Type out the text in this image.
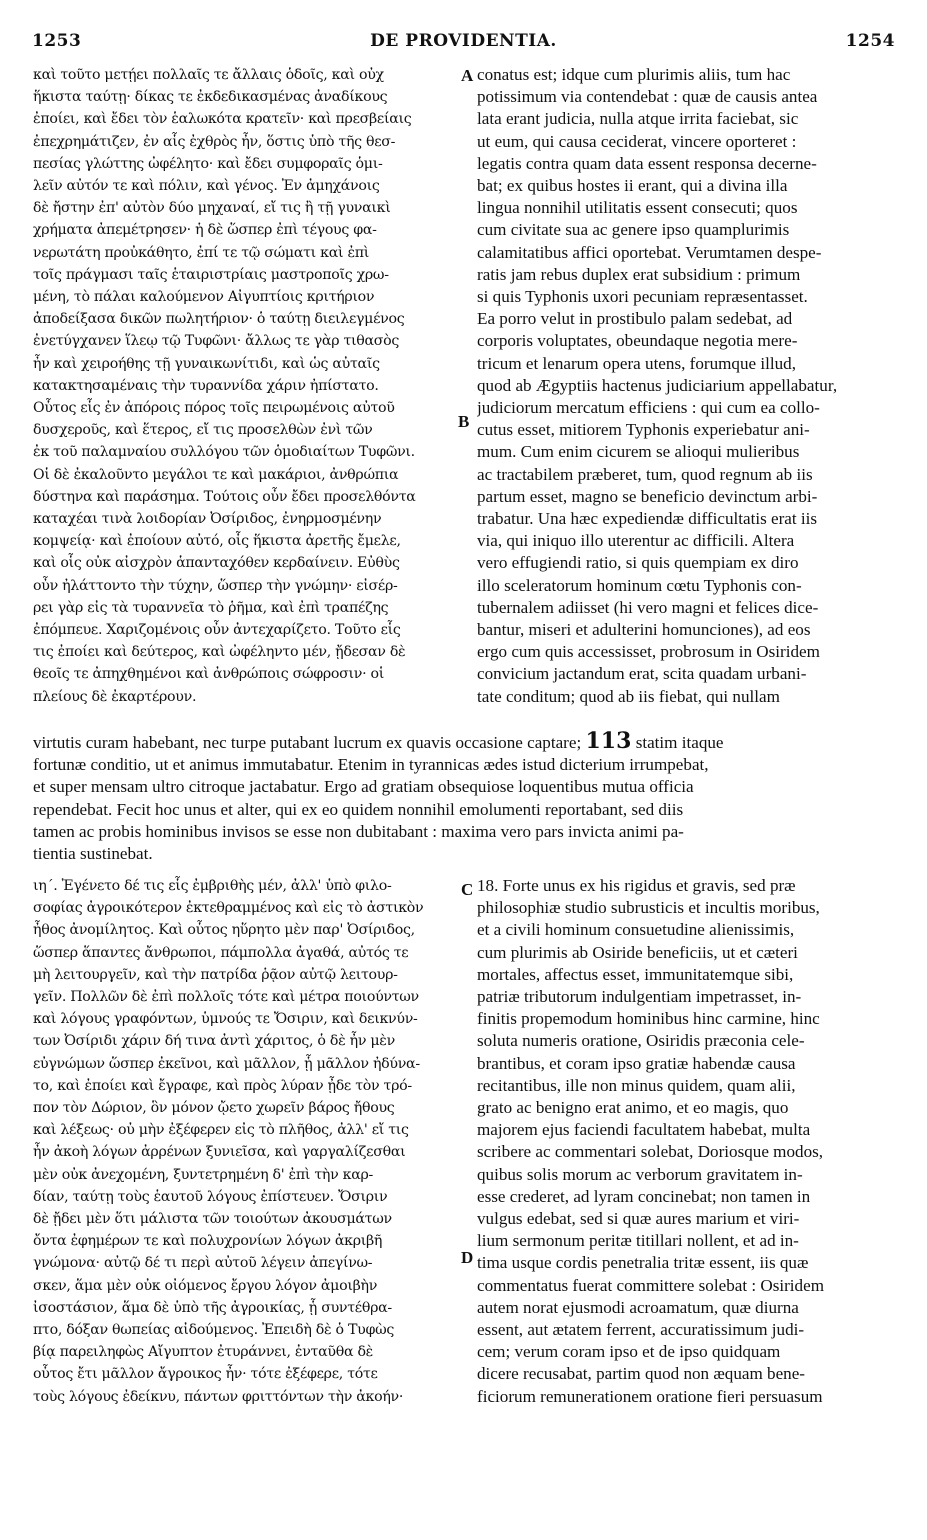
1253	DE PROVIDENTIA.	1254

καὶ τοῦτο μετῄει πολλαῖς τε ἄλλαις ὁδοῖς, καὶ οὐχ

ἥκιστα ταύτῃ· δίκας τε ἐκδεδικασμένας ἀναδίκους

ἐποίει, καὶ ἔδει τὸν ἑαλωκότα κρατεῖν· καὶ πρεσβείαις

ἐπεχρημάτιζεν, ἐν αἷς ἐχθρὸς ἦν, ὅστις ὑπὸ τῆς θεσ-

πεσίας γλώττης ὠφέλητο· καὶ ἔδει συμφοραῖς ὁμι-

λεῖν αὐτόν τε καὶ πόλιν, καὶ γένος. Ἐν ἀμηχάνοις

δὲ ἤστην ἐπ' αὐτὸν δύο μηχαναί, εἴ τις ἢ τῇ γυναικὶ

χρήματα ἀπεμέτρησεν· ἡ δὲ ὥσπερ ἐπὶ τέγους φα-

νερωτάτη προὐκάθητο, ἐπί τε τῷ σώματι καὶ ἐπὶ

τοῖς πράγμασι ταῖς ἑταιριστρίαις μαστροποῖς χρω-

μένη, τὸ πάλαι καλούμενον Αἰγυπτίοις κριτήριον

ἀποδείξασα δικῶν πωλητήριον· ὁ ταύτῃ διειλεγμένος

ἐνετύγχανεν ἵλεῳ τῷ Τυφῶνι· ἄλλως τε γὰρ τιθασὸς

ἦν καὶ χειροήθης τῇ γυναικωνίτιδι, καὶ ὡς αὐταῖς

κατακτησαμέναις τὴν τυραννίδα χάριν ἠπίστατο.

Οὗτος εἷς ἐν ἀπόροις πόρος τοῖς πειρωμένοις αὐτοῦ

δυσχεροῦς, καὶ ἕτερος, εἴ τις προσελθὼν ἐνὶ τῶν

ἐκ τοῦ παλαμναίου συλλόγου τῶν ὁμοδιαίτων Τυφῶνι.

Οἱ δὲ ἐκαλοῦντο μεγάλοι τε καὶ μακάριοι, ἀνθρώπια

δύστηνα καὶ παράσημα. Τούτοις οὖν ἔδει προσελθόντα

καταχέαι τινὰ λοιδορίαν Ὀσίριδος, ἐνηρμοσμένην

κομψείᾳ· καὶ ἐποίουν αὐτό, οἷς ἥκιστα ἀρετῆς ἔμελε,

καὶ οἷς οὐκ αἰσχρὸν ἁπανταχόθεν κερδαίνειν. Εὐθὺς

οὖν ἠλάττοντο τὴν τύχην, ὥσπερ τὴν γνώμην· εἰσέρ-

ρει γὰρ εἰς τὰ τυραννεῖα τὸ ῥῆμα, καὶ ἐπὶ τραπέζης

ἐπόμπευε. Χαριζομένοις οὖν ἀντεχαρίζετο. Τοῦτο εἷς

τις ἐποίει καὶ δεύτερος, καὶ ὠφέληντο μέν, ᾔδεσαν δὲ

θεοῖς τε ἀπηχθημένοι καὶ ἀνθρώποις σώφροσιν· οἱ

πλείους δὲ ἐκαρτέρουν.

conatus est; idque cum plurimis aliis, tum hac

potissimum via contendebat : quæ de causis antea

lata erant judicia, nulla atque irrita faciebat, sic

ut eum, qui causa ceciderat, vincere oporteret :

legatis contra quam data essent responsa decerne-

bat; ex quibus hostes ii erant, qui a divina illa

lingua nonnihil utilitatis essent consecuti; quos

cum civitate sua ac genere ipso quamplurimis

calamitatibus affici oportebat. Verumtamen despe-

ratis jam rebus duplex erat subsidium : primum

si quis Typhonis uxori pecuniam repræsentasset.

Ea porro velut in prostibulo palam sedebat, ad

corporis voluptates, obeundaque negotia mere-

tricum et lenarum opera utens, forumque illud,

quod ab Ægyptiis hactenus judiciarium appellabatur,

judiciorum mercatum efficiens : qui cum ea collo-

cutus esset, mitiorem Typhonis experiebatur ani-

mum. Cum enim cicurem se alioqui mulieribus

ac tractabilem præberet, tum, quod regnum ab iis

partum esset, magno se beneficio devinctum arbi-

trabatur. Una hæc expediendæ difficultatis erat iis

via, qui iniquo illo uterentur ac difficili. Altera

vero effugiendi ratio, si quis quempiam ex diro

illo sceleratorum hominum cœtu Typhonis con-

tubernalem adiisset (hi vero magni et felices dice-

bantur, miseri et adulterini homunciones), ad eos

ergo cum quis accessisset, probrosum in Osiridem

convicium jactandum erat, scita quadam urbani-

tate conditum; quod ab iis fiebat, qui nullam

A
B
C
D

virtutis curam habebant, nec turpe putabant lucrum ex quavis occasione captare; 113 statim itaque

fortunæ conditio, ut et animus immutabatur. Etenim in tyrannicas ædes istud dicterium irrumpebat,

et super mensam ultro citroque jactabatur. Ergo ad gratiam obsequiose loquentibus mutua officia

rependebat. Fecit hoc unus et alter, qui ex eo quidem nonnihil emolumenti reportabant, sed diis

tamen ac probis hominibus invisos se esse non dubitabant : maxima vero pars invicta animi pa-

tientia sustinebat.

ιη΄. Ἐγένετο δέ τις εἷς ἐμβριθὴς μέν, ἀλλ' ὑπὸ φιλο-

σοφίας ἀγροικότερον ἐκτεθραμμένος καὶ εἰς τὸ ἀστικὸν

ἦθος ἀνομίλητος. Καὶ οὗτος ηὕρητο μὲν παρ' Ὀσίριδος,

ὥσπερ ἅπαντες ἄνθρωποι, πάμπολλα ἀγαθά, αὐτός τε

μὴ λειτουργεῖν, καὶ τὴν πατρίδα ῥᾷον αὐτῷ λειτουρ-

γεῖν. Πολλῶν δὲ ἐπὶ πολλοῖς τότε καὶ μέτρα ποιούντων

καὶ λόγους γραφόντων, ὑμνούς τε Ὄσιριν, καὶ δεικνύν-

των Ὀσίριδι χάριν δή τινα ἀντὶ χάριτος, ὁ δὲ ἦν μὲν

εὐγνώμων ὥσπερ ἐκεῖνοι, καὶ μᾶλλον, ᾗ μᾶλλον ἠδύνα-

το, καὶ ἐποίει καὶ ἔγραφε, καὶ πρὸς λύραν ᾖδε τὸν τρό-

πον τὸν Δώριον, ὃν μόνον ᾤετο χωρεῖν βάρος ἤθους

καὶ λέξεως· οὐ μὴν ἐξέφερεν εἰς τὸ πλῆθος, ἀλλ' εἴ τις

ἦν ἀκοὴ λόγων ἀρρένων ξυνιεῖσα, καὶ γαργαλίζεσθαι

μὲν οὐκ ἀνεχομένη, ξυντετρημένη δ' ἐπὶ τὴν καρ-

δίαν, ταύτῃ τοὺς ἑαυτοῦ λόγους ἐπίστευεν. Ὄσιριν

δὲ ᾔδει μὲν ὅτι μάλιστα τῶν τοιούτων ἀκουσμάτων

ὄντα ἐφημέρων τε καὶ πολυχρονίων λόγων ἀκριβῆ

γνώμονα· αὐτῷ δέ τι περὶ αὐτοῦ λέγειν ἀπεγίνω-

σκεν, ἅμα μὲν οὐκ οἰόμενος ἔργου λόγον ἀμοιβὴν

ἰσοστάσιον, ἅμα δὲ ὑπὸ τῆς ἀγροικίας, ᾗ συντέθρα-

πτο, δόξαν θωπείας αἰδούμενος. Ἐπειδὴ δὲ ὁ Τυφὼς

βίᾳ παρειληφὼς Αἴγυπτον ἐτυράννει, ἐνταῦθα δὲ

οὗτος ἔτι μᾶλλον ἄγροικος ἦν· τότε ἐξέφερε, τότε

τοὺς λόγους ἐδείκνυ, πάντων φριττόντων τὴν ἀκοήν·

18. Forte unus ex his rigidus et gravis, sed præ

philosophiæ studio subrusticis et incultis moribus,

et a civili hominum consuetudine alienissimis,

cum plurimis ab Osiride beneficiis, ut et cæteri

mortales, affectus esset, immunitatemque sibi,

patriæ tributorum indulgentiam impetrasset, in-

finitis propemodum hominibus hinc carmine, hinc

soluta numeris oratione, Osiridis præconia cele-

brantibus, et coram ipso gratiæ habendæ causa

recitantibus, ille non minus quidem, quam alii,

grato ac benigno erat animo, et eo magis, quo

majorem ejus faciendi facultatem habebat, multa

scribere ac commentari solebat, Doriosque modos,

quibus solis morum ac verborum gravitatem in-

esse crederet, ad lyram concinebat; non tamen in

vulgus edebat, sed si quæ aures marium et viri-

lium sermonum peritæ titillari nollent, et ad in-

tima usque cordis penetralia tritæ essent, iis quæ

commentatus fuerat committere solebat : Osiridem

autem norat ejusmodi acroamatum, quæ diurna

essent, aut ætatem ferrent, accuratissimum judi-

cem; verum coram ipso et de ipso quidquam

dicere recusabat, partim quod non æquam bene-

ficiorum remunerationem oratione fieri persuasum
